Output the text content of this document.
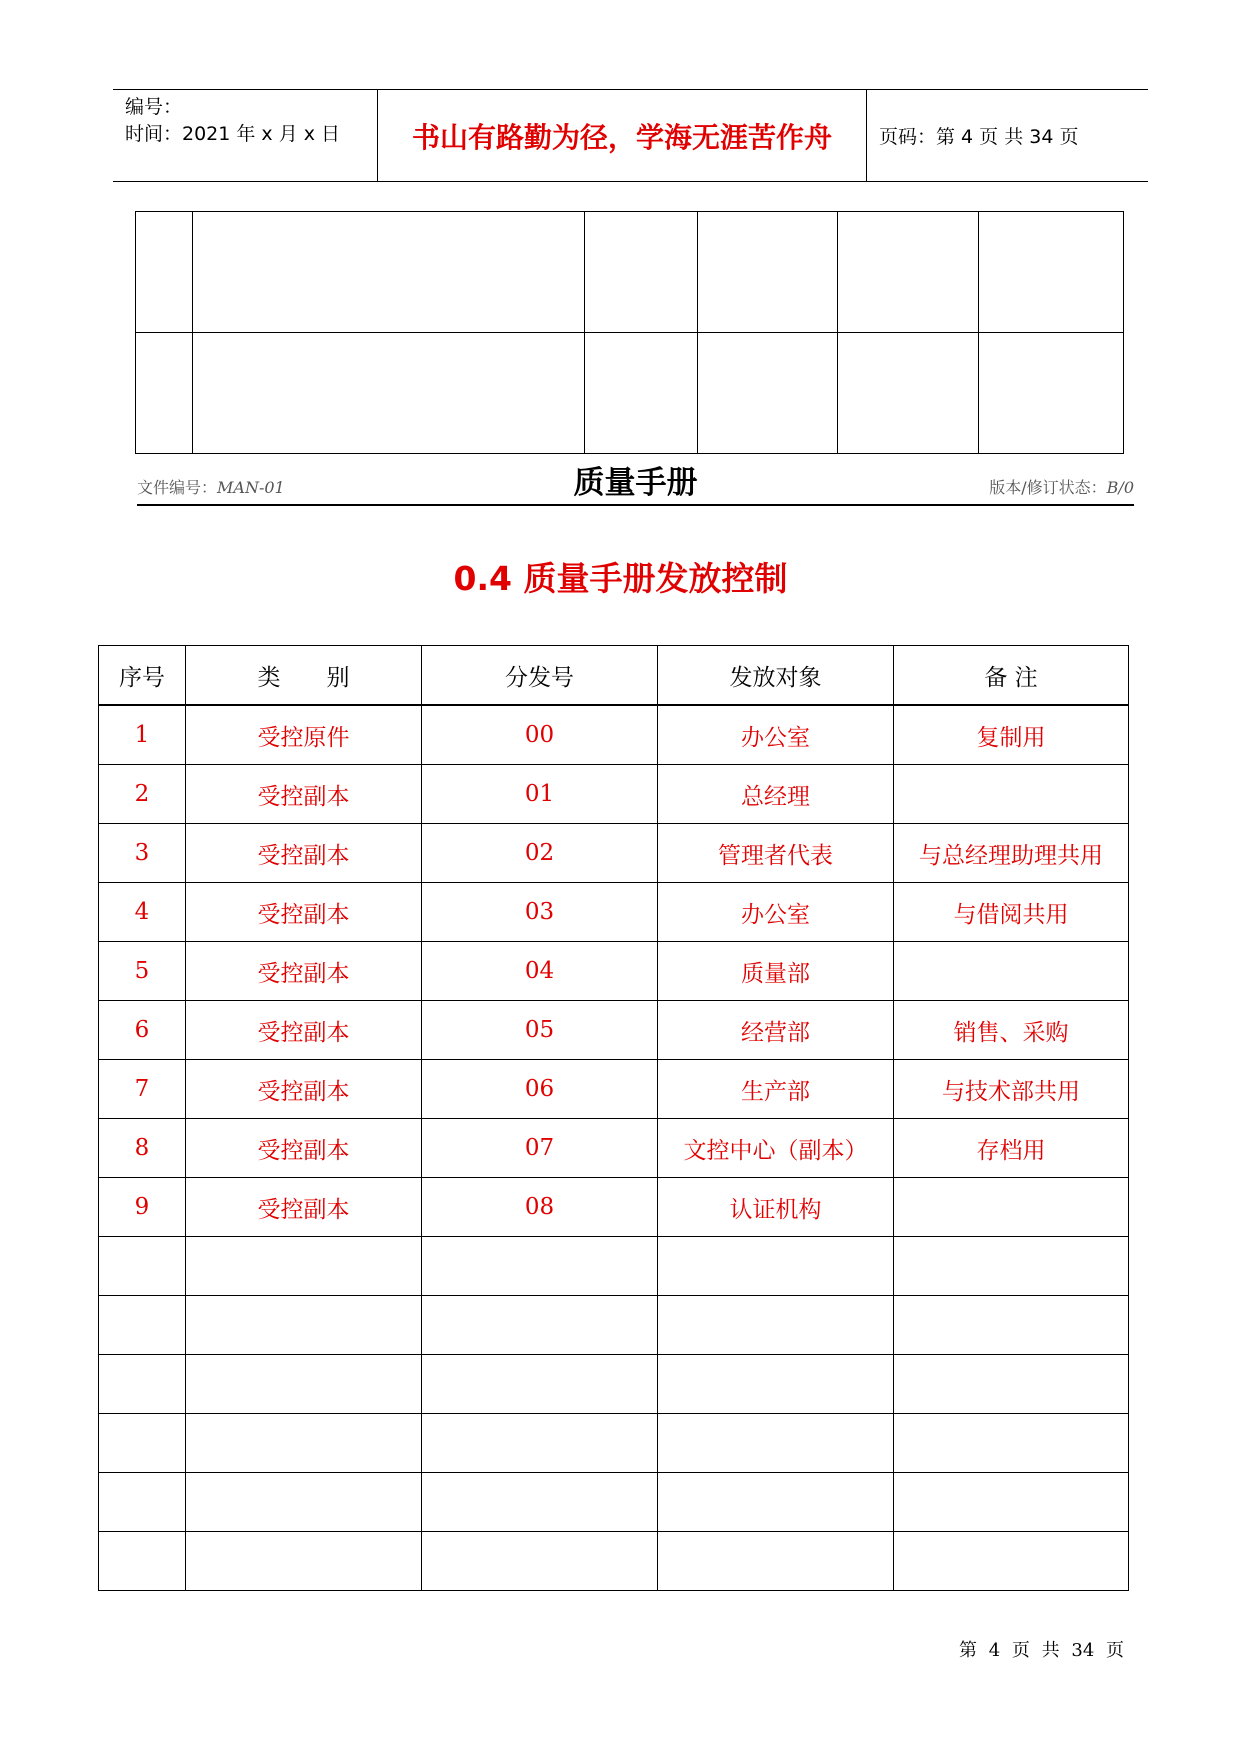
编号：
时间：2021 年 x 月 x 日	书山有路勤为径，学海无涯苦作舟	页码：第 4 页 共 34 页

文件编号：MAN-01	质量手册	版本/修订状态：B/0
0.4 质量手册发放控制
序号	类　　别	分发号	发放对象	备 注
1	受控原件	00	办公室	复制用
2	受控副本	01	总经理	
3	受控副本	02	管理者代表	与总经理助理共用
4	受控副本	03	办公室	与借阅共用
5	受控副本	04	质量部	
6	受控副本	05	经营部	销售、采购
7	受控副本	06	生产部	与技术部共用
8	受控副本	07	文控中心（副本）	存档用
9	受控副本	08	认证机构	

第 4 页 共 34 页
